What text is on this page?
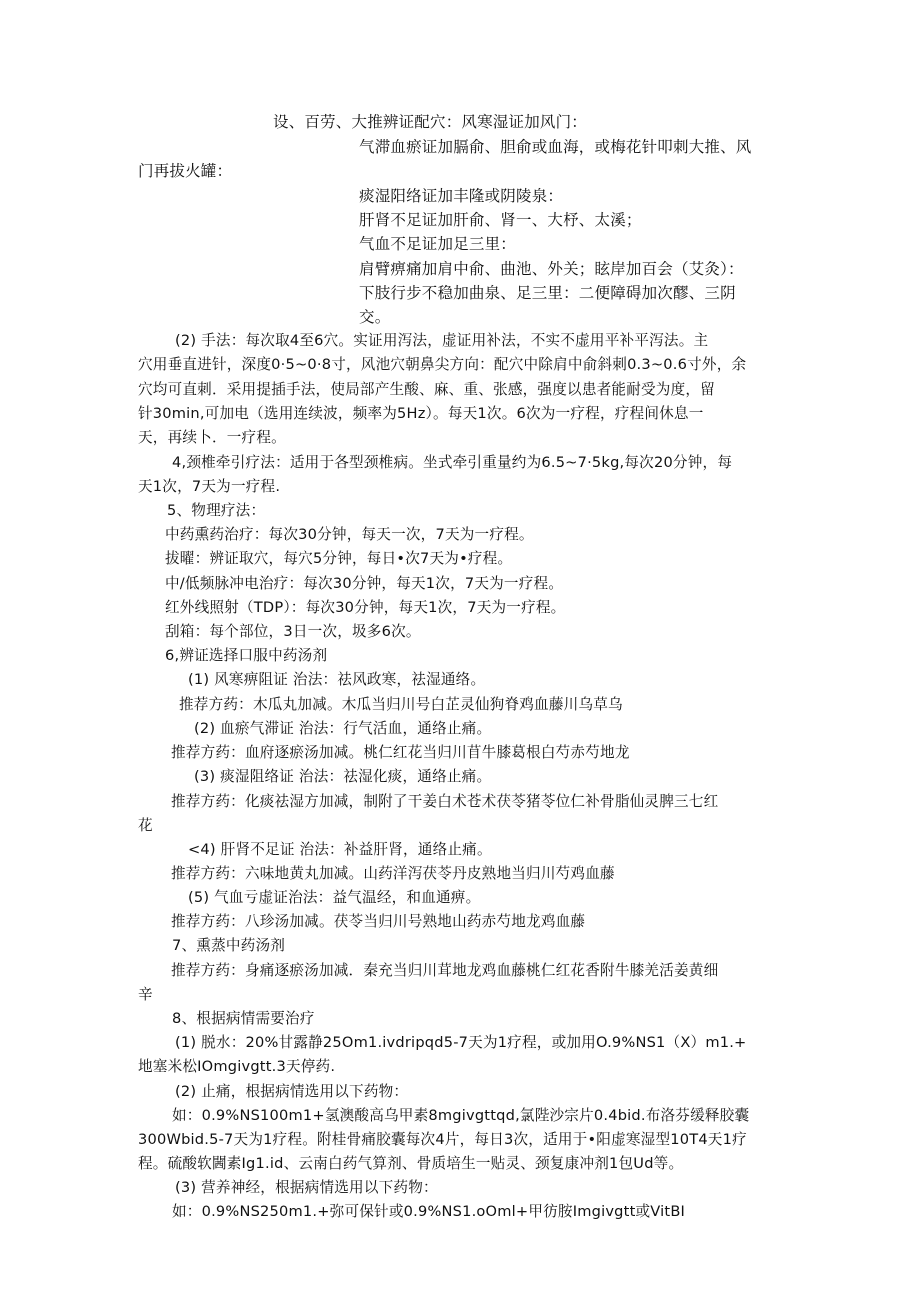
设、百劳、大推辨证配穴：风寒湿证加风门：
气滞血瘀证加膈俞、胆俞或血海，或梅花针叩刺大推、风
门再拔火罐：
痰湿阳络证加丰隆或阴陵泉：
肝肾不足证加肝俞、肾一、大杼、太溪；
气血不足证加足三里：
肩臂痹痛加肩中俞、曲池、外关；眩岸加百会（艾灸）：
下肢行步不稳加曲泉、足三里：二便障碍加次醪、三阴
交。
(2) 手法：每次取4至6穴。实证用泻法，虚证用补法，不实不虚用平补平泻法。主
穴用垂直进针，深度0·5~0·8寸，风池穴朝鼻尖方向：配穴中除肩中俞斜刺0.3~0.6寸外，余
穴均可直刺．采用提插手法，使局部产生酸、麻、重、张感，强度以患者能耐受为度，留
针30min,可加电（选用连续波，频率为5Hz）。每天1次。6次为一疗程，疗程间休息一
天，再续卜．一疗程。
4,颈椎牵引疗法：适用于各型颈椎病。坐式牵引重量约为6.5~7·5kg,每次20分钟，每
天1次，7天为一疗程.
5、物理疗法：
中药熏药治疗：每次30分钟，每天一次，7天为一疗程。
拔曜：辨证取穴，每穴5分钟，每日•次7天为•疗程。
中/低频脉冲电治疗：每次30分钟，每天1次，7天为一疗程。
红外线照射（TDP）：每次30分钟，每天1次，7天为一疗程。
刮箱：每个部位，3日一次，圾多6次。
6,辨证选择口服中药汤剂
(1) 风寒痹阻证 治法：祛风政寒，祛湿通络。
推荐方药：木瓜丸加减。木瓜当归川号白芷灵仙狗脊鸡血藤川乌草乌
(2) 血瘀气滞证 治法：行气活血，通络止痛。
推荐方药：血府逐瘀汤加减。桃仁红花当归川苜牛膝葛根白芍赤芍地龙
(3) 痰湿阻络证 治法：祛湿化痰，通络止痛。
推荐方药：化痰祛湿方加减，制附了干姜白术苍术茯苓猪苓位仁补骨脂仙灵脾三七红
花
<4) 肝肾不足证 治法：补益肝肾，通络止痛。
推荐方药：六味地黄丸加减。山药洋泻茯苓丹皮熟地当归川芍鸡血藤
(5) 气血亏虚证治法：益气温经，和血通痹。
推荐方药：八珍汤加减。茯苓当归川号熟地山药赤芍地龙鸡血藤
7、熏蒸中药汤剂
推荐方药：身痛逐瘀汤加减．秦充当归川茸地龙鸡血藤桃仁红花香附牛膝羌活姜黄细
辛
8、根据病情需要治疗
(1) 脱水：20%甘露静25Om1.ivdripqd5-7天为1疗程，或加用O.9%NS1（X）m1.+
地塞米松IOmgivgtt.3天停药.
(2) 止痛，根据病情选用以下药物：
如：0.9%NS100m1+氢澳酸高乌甲素8mgivgttqd,氯陛沙宗片0.4bid.布洛芬缓释胶囊
300Wbid.5-7天为1疗程。附桂骨痛胶囊每次4片，每日3次，适用于•阳虚寒湿型10T4天1疗
程。硫酸软閪素Ig1.id、云南白药气算剂、骨质培生一贴灵、颈复康冲剂1包Ud等。
(3) 营养神经，根据病情选用以下药物：
如：0.9%NS250m1.+弥可保针或0.9%NS1.oOml+甲彷胺Imgivgtt或VitBI
